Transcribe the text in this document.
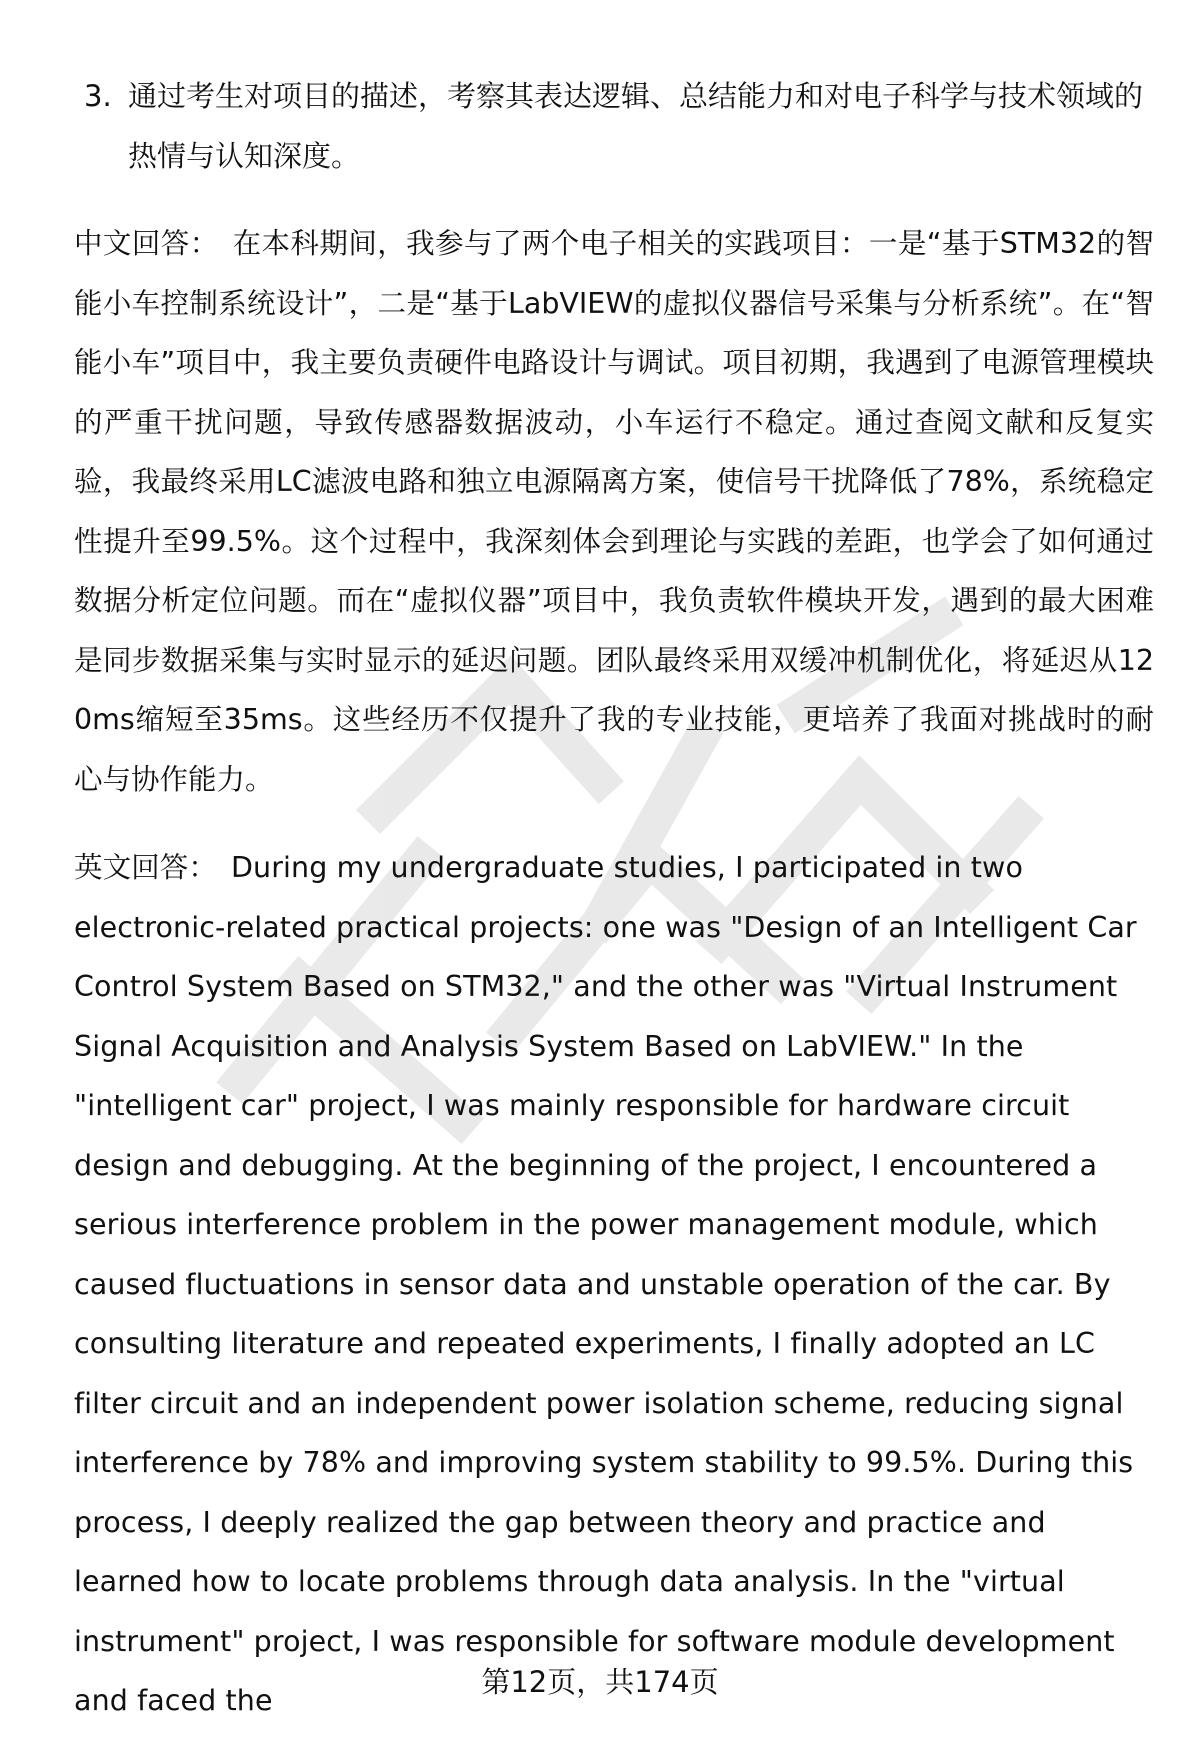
3. 通过考生对项目的描述，考察其表达逻辑、总结能力和对电子科学与技术领域的热情与认知深度。
中文回答： 在本科期间，我参与了两个电子相关的实践项目：一是“基于STM32的智能小车控制系统设计”，二是“基于LabVIEW的虚拟仪器信号采集与分析系统”。在“智能小车”项目中，我主要负责硬件电路设计与调试。项目初期，我遇到了电源管理模块的严重干扰问题，导致传感器数据波动，小车运行不稳定。通过查阅文献和反复实验，我最终采用LC滤波电路和独立电源隔离方案，使信号干扰降低了78%，系统稳定性提升至99.5%。这个过程中，我深刻体会到理论与实践的差距，也学会了如何通过数据分析定位问题。而在“虚拟仪器”项目中，我负责软件模块开发，遇到的最大困难是同步数据采集与实时显示的延迟问题。团队最终采用双缓冲机制优化，将延迟从120ms缩短至35ms。这些经历不仅提升了我的专业技能，更培养了我面对挑战时的耐心与协作能力。
英文回答： During my undergraduate studies, I participated in two electronic-related practical projects: one was "Design of an Intelligent Car Control System Based on STM32," and the other was "Virtual Instrument Signal Acquisition and Analysis System Based on LabVIEW." In the "intelligent car" project, I was mainly responsible for hardware circuit design and debugging. At the beginning of the project, I encountered a serious interference problem in the power management module, which caused fluctuations in sensor data and unstable operation of the car. By consulting literature and repeated experiments, I finally adopted an LC filter circuit and an independent power isolation scheme, reducing signal interference by 78% and improving system stability to 99.5%. During this process, I deeply realized the gap between theory and practice and learned how to locate problems through data analysis. In the "virtual instrument" project, I was responsible for software module development and faced the
第12页，共174页
